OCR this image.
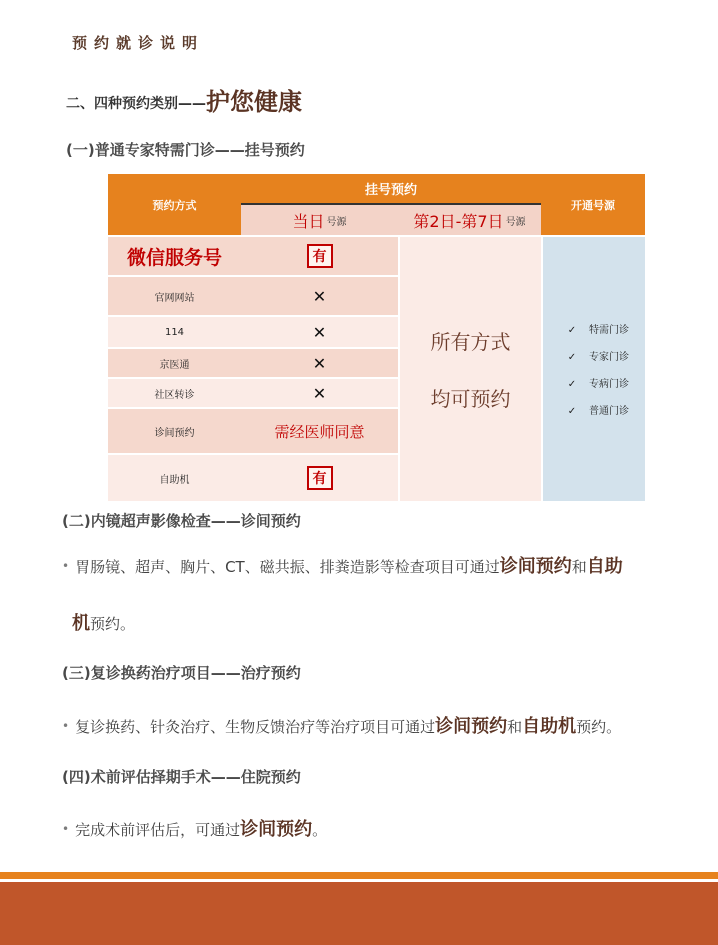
预约就诊说明
二、四种预约类别——护您健康
(一)普通专家特需门诊——挂号预约
预约方式
挂号预约
开通号源
当日 号源	第2日-第7日 号源
微信服务号	有
官网网站	✕
114	✕
京医通	✕
社区转诊	✕
诊间预约	需经医师同意
自助机	有
所有方式
均可预约
✓ 特需门诊
✓ 专家门诊
✓ 专病门诊
✓ 普通门诊
(二)内镜超声影像检查——诊间预约
• 胃肠镜、超声、胸片、CT、磁共振、排粪造影等检查项目可通过诊间预约和自助
机预约。
(三)复诊换药治疗项目——治疗预约
• 复诊换药、针灸治疗、生物反馈治疗等治疗项目可通过诊间预约和自助机预约。
(四)术前评估择期手术——住院预约
• 完成术前评估后，可通过诊间预约。
